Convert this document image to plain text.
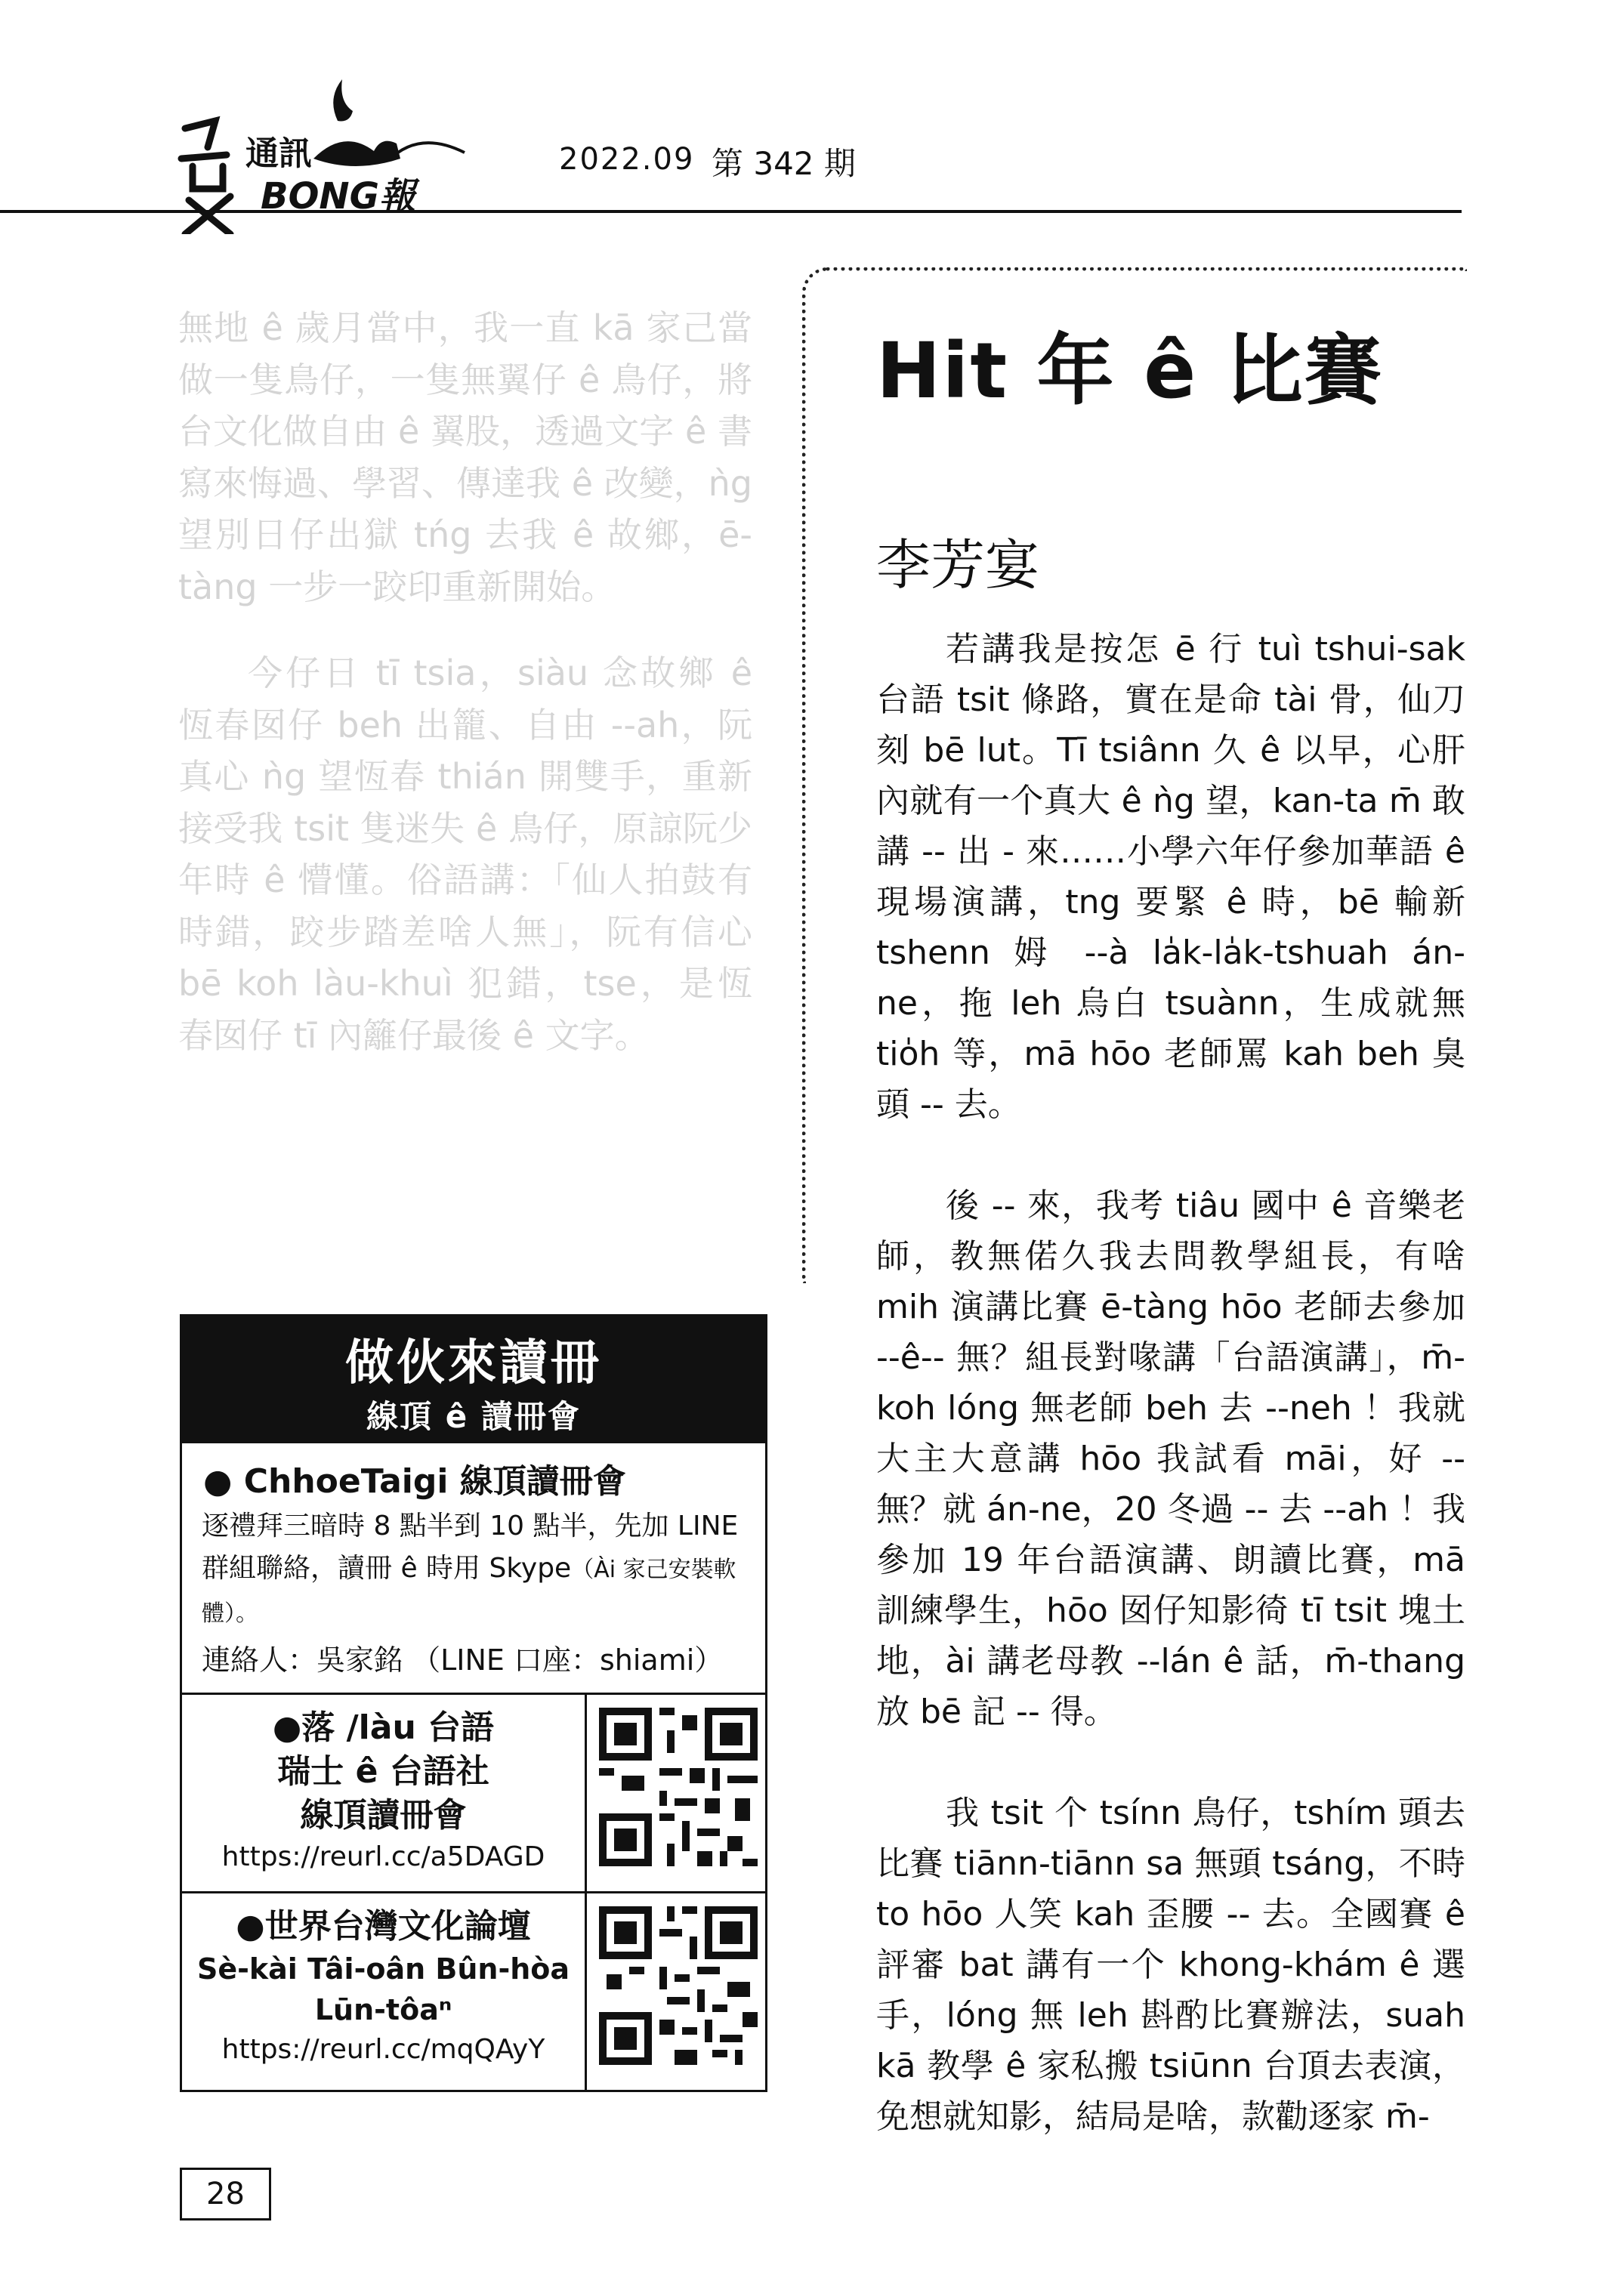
通訊
BONG報
2022.09 第 342 期

無地 ê 歲月當中，我一直 kā 家己當做一隻鳥仔，一隻無翼仔 ê 鳥仔，將台文化做自由 ê 翼股，透過文字 ê 書寫來悔過、學習、傳達我 ê 改變，ǹg 望別日仔出獄 tńg 去我 ê 故鄉，ē-tàng 一步一跤印重新開始。

今仔日 tī tsia，siàu 念故鄉 ê 恆春囡仔 beh 出籠、自由 --ah，阮真心 ǹg 望恆春 thián 開雙手，重新接受我 tsit 隻迷失 ê 鳥仔，原諒阮少年時 ê 懵懂。俗語講：「仙人拍鼓有時錯，跤步踏差啥人無」，阮有信心 bē koh làu-khuì 犯錯，tse，是恆春囡仔 tī 內籬仔最後 ê 文字。

Hit 年 ê 比賽
李芳宴

若講我是按怎 ē 行 tuì tshui-sak 台語 tsit 條路，實在是命 tài 骨，仙刀刻 bē lut。Tī tsiânn 久 ê 以早，心肝內就有一个真大 ê ǹg 望，kan-ta m̄ 敢講 -- 出 - 來……小學六年仔參加華語 ê 現場演講，tng 要緊 ê 時，bē 輸新 tshenn 姆 --à la̍k-la̍k-tshuah án-ne，拖 leh 烏白 tsuànn，生成就無 tio̍h 等，mā hōo 老師罵 kah beh 臭頭 -- 去。

後 -- 來，我考 tiâu 國中 ê 音樂老師，教無偌久我去問教學組長，有啥 mih 演講比賽 ē-tàng hōo 老師去參加 --ê-- 無？組長對喙講「台語演講」，m̄-koh lóng 無老師 beh 去 --neh ！我就大主大意講 hōo 我試看 māi，好 -- 無？就 án-ne，20 冬過 -- 去 --ah ！我參加 19 年台語演講、朗讀比賽，mā 訓練學生，hōo 囡仔知影徛 tī tsit 塊土地，ài 講老母教 --lán ê 話，m̄-thang 放 bē 記 -- 得。

我 tsit 个 tsínn 鳥仔，tshím 頭去比賽 tiānn-tiānn sa 無頭 tsáng，不時 to hōo 人笑 kah 歪腰 -- 去。全國賽 ê 評審 bat 講有一个 khong-khám ê 選手，lóng 無 leh 斟酌比賽辦法，suah kā 教學 ê 家私搬 tsiūnn 台頂去表演，免想就知影，結局是啥，款勸逐家 m̄-

做伙來讀冊
線頂 ê 讀冊會
● ChhoeTaigi 線頂讀冊會
逐禮拜三暗時 8 點半到 10 點半，先加 LINE 群組聯絡，讀冊 ê 時用 Skype（Ài 家己安裝軟體）。
連絡人：吳家銘 （LINE 口座：shiami）
●落 /làu 台語
瑞士 ê 台語社
線頂讀冊會
https://reurl.cc/a5DAGD
●世界台灣文化論壇
Sè-kài Tâi-oân Bûn-hòa
Lūn-tôaⁿ
https://reurl.cc/mqQAyY
28
